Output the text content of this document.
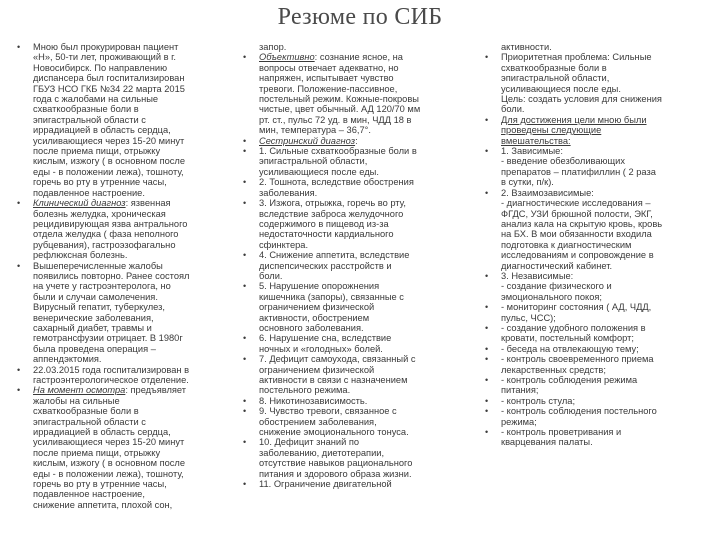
Резюме по СИБ
• Мною был прокурирован пациент
«Н», 50-ти лет, проживающий в г.
Новосибирск. По направлению
диспансера был госпитализирован
ГБУЗ НСО ГКБ №34 22 марта 2015
года с жалобами на сильные
схваткообразные боли в
эпигастральной области с
иррадиацией в область сердца,
усиливающиеся через 15-20 минут
после приема пищи, отрыжку
кислым, изжогу ( в основном после
еды - в положении лежа), тошноту,
горечь во рту в утренние часы,
подавленное настроение.
• Клинический диагноз: язвенная
болезнь желудка, хроническая
рецидивирующая язва антрального
отдела желудка ( фаза неполного
рубцевания), гастроэзофагально
рефлюксная болезнь.
• Вышеперечисленные жалобы
появились повторно. Ранее состоял
на учете у гастроэнтеролога, но
были и случаи самолечения.
Вирусный гепатит, туберкулез,
венерические заболевания,
сахарный диабет, травмы и
гемотрансфузии отрицает. В 1980г
была проведена операция –
аппендэктомия.
• 22.03.2015 года госпитализирован в
гастроэнтерологическое отделение.
• На момент осмотра: предъявляет
жалобы на сильные
схваткообразные боли в
эпигастральной области с
иррадиацией в область сердца,
усиливающиеся через 15-20 минут
после приема пищи, отрыжку
кислым, изжогу ( в основном после
еды - в положении лежа), тошноту,
горечь во рту в утренние часы,
подавленное настроение,
снижение аппетита, плохой сон,
запор.
• Объективно: сознание ясное, на
вопросы отвечает адекватно, но
напряжен, испытывает чувство
тревоги. Положение-пассивное,
постельный режим. Кожные-покровы
чистые, цвет обычный. АД 120/70 мм
рт. ст., пульс 72 уд. в мин, ЧДД 18 в
мин, температура – 36,7°.
• Сестринский диагноз:
• 1. Сильные схваткообразные боли в
эпигастральной области,
усиливающиеся после еды.
• 2. Тошнота, вследствие обострения
заболевания.
• 3. Изжога, отрыжка, горечь во рту,
вследствие заброса желудочного
содержимого в пищевод из-за
недостаточности кардиального
сфинктера.
• 4. Снижение аппетита, вследствие
диспепсических расстройств и
боли.
• 5. Нарушение опорожнения
кишечника (запоры), связанные с
ограничением физической
активности, обострением
основного заболевания.
• 6. Нарушение сна, вследствие
ночных и «голодных» болей.
• 7. Дефицит самоухода, связанный с
ограничением физической
активности в связи с назначением
постельного режима.
• 8. Никотинозависимость.
• 9. Чувство тревоги, связанное с
обострением заболевания,
снижение эмоционального тонуса.
• 10. Дефицит знаний по
заболеванию, диетотерапии,
отсутствие навыков рационального
питания и здорового образа жизни.
• 11. Ограничение двигательной
активности.
• Приоритетная проблема: Сильные
схваткообразные боли в
эпигастральной области,
усиливающиеся после еды.
Цель: создать условия для снижения
боли.
• Для достижения цели мною были
проведены следующие
вмешательства:
• 1. Зависимые:
- введение обезболивающих
препаратов – платифиллин ( 2 раза
в сутки, п/к).
• 2. Взаимозависимые:
- диагностические исследования –
ФГДС, УЗИ брюшной полости, ЭКГ,
анализ кала на скрытую кровь, кровь
на БХ. В мои обязанности входила
подготовка к диагностическим
исследованиям и сопровождение в
диагностический кабинет.
• 3. Независимые:
- создание физического и
эмоционального покоя;
• - мониторинг состояния ( АД, ЧДД,
пульс, ЧСС);
• - создание удобного положения в
кровати, постельный комфорт;
• - беседа на отвлекающую тему;
• - контроль своевременного приема
лекарственных средств;
• - контроль соблюдения режима
питания;
• - контроль стула;
• - контроль соблюдения постельного
режима;
• - контроль проветривания и
кварцевания палаты.
